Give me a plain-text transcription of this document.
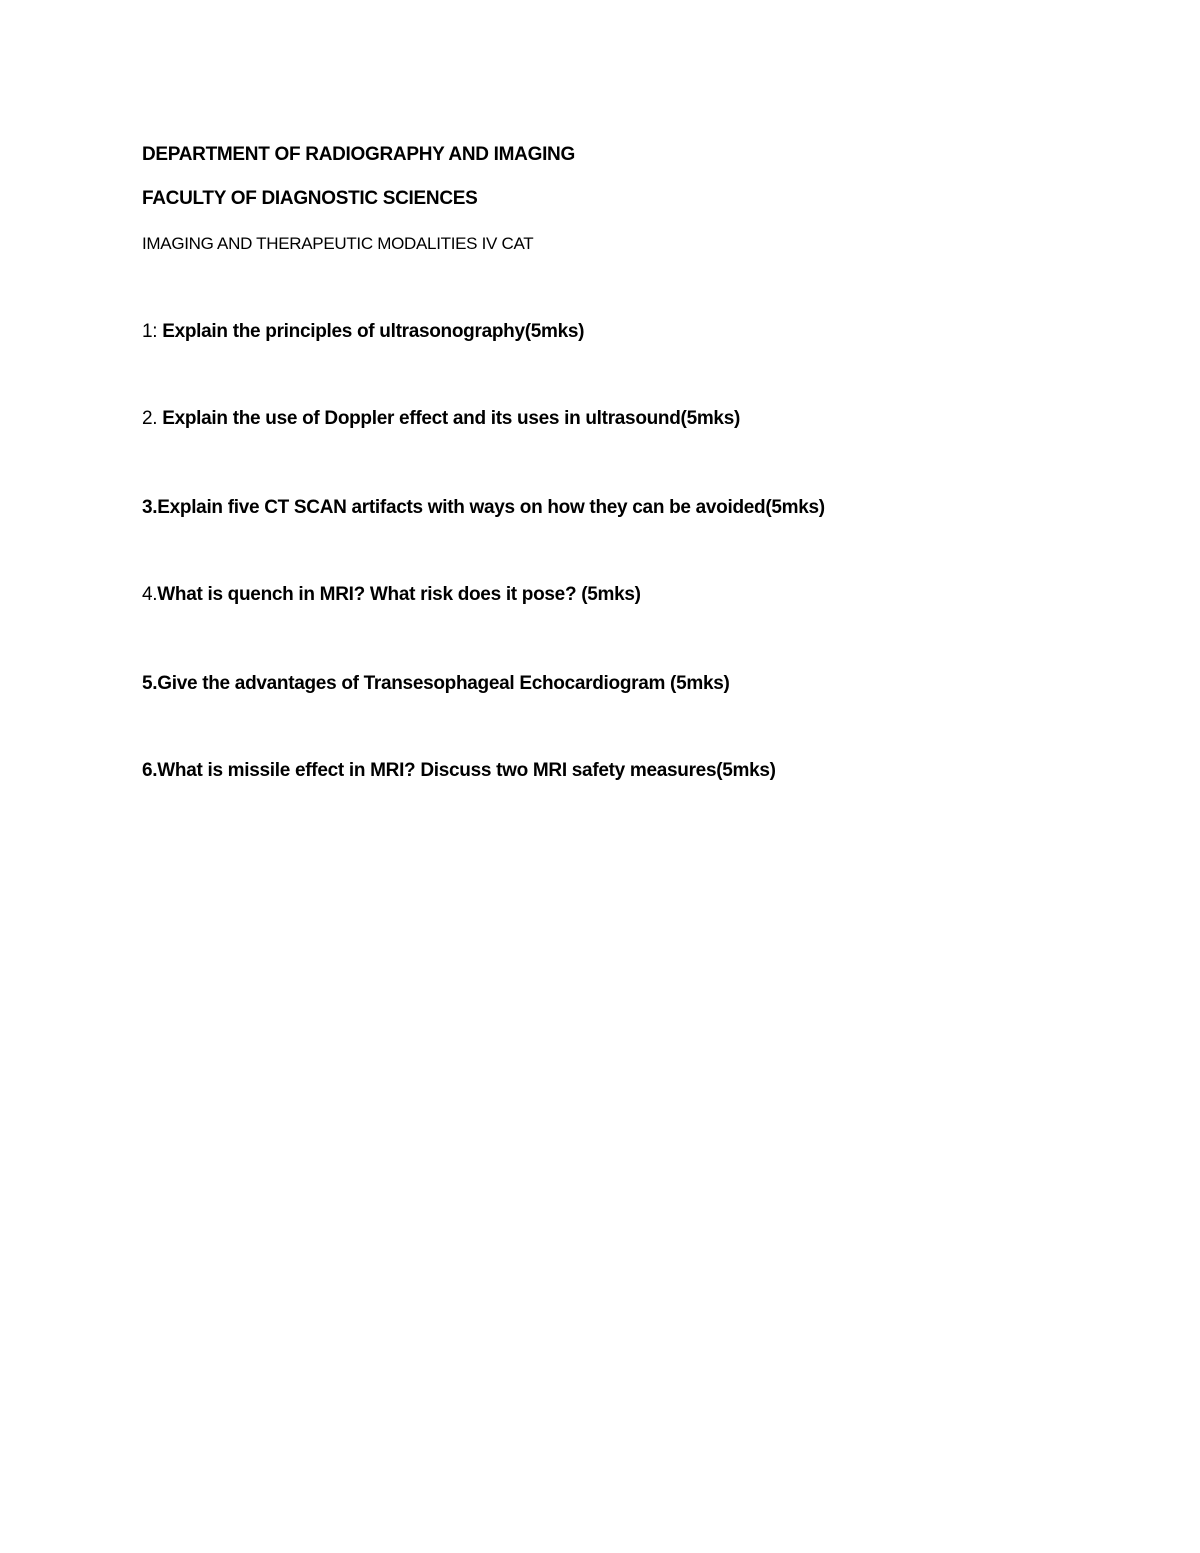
DEPARTMENT OF RADIOGRAPHY AND IMAGING
FACULTY OF DIAGNOSTIC SCIENCES
IMAGING AND THERAPEUTIC MODALITIES IV CAT
1: Explain the principles of ultrasonography(5mks)
2. Explain the use of Doppler effect and its uses in ultrasound(5mks)
3.Explain five CT SCAN artifacts with ways on how they can be avoided(5mks)
4.What is quench in MRI? What risk does it pose? (5mks)
5.Give the advantages of Transesophageal Echocardiogram (5mks)
6.What is missile effect in MRI? Discuss two MRI safety measures(5mks)
